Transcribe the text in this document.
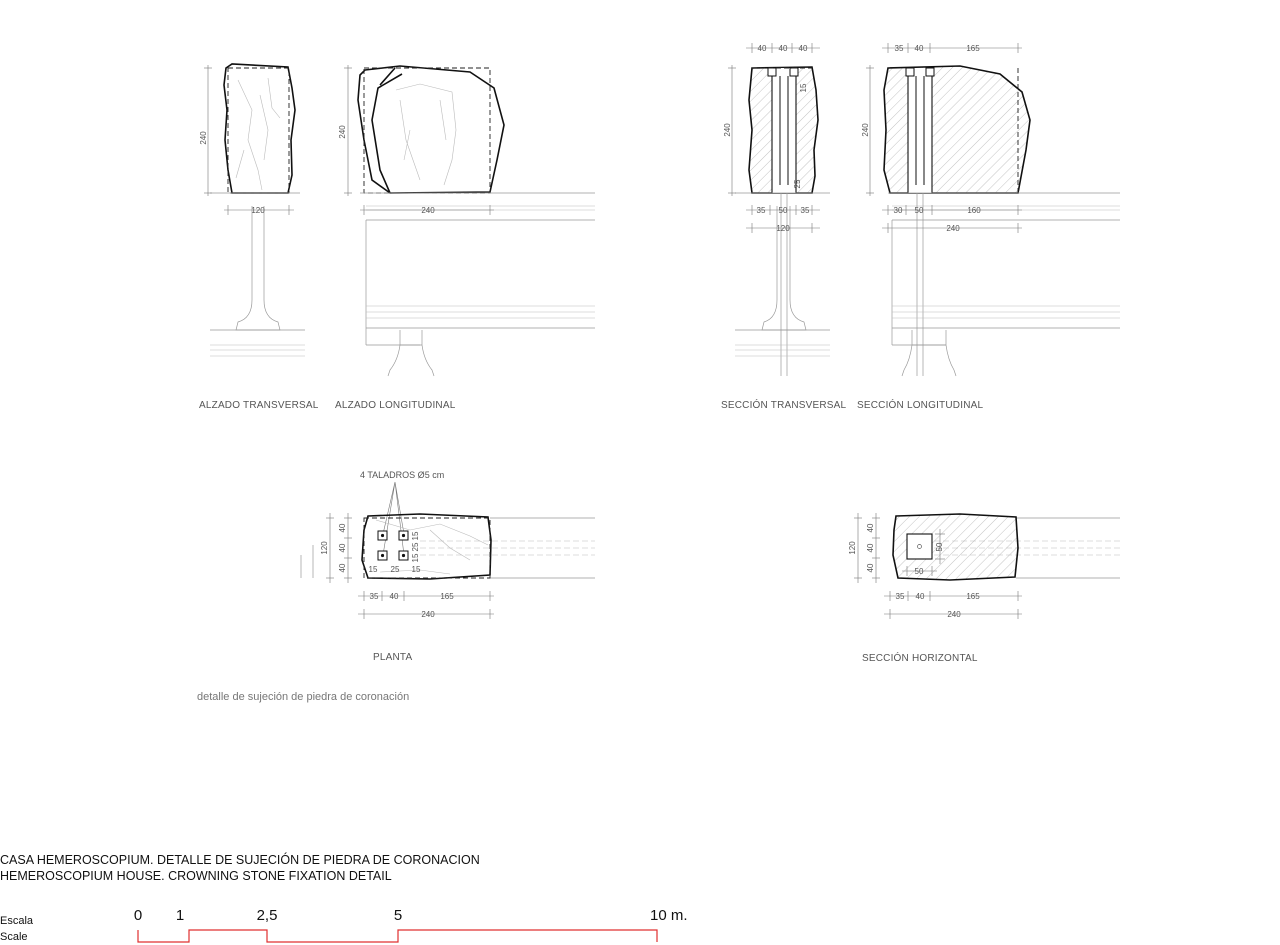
240
120
ALZADO TRANSVERSAL
240
240
ALZADO LONGITUDINAL
40 40 40
240
15
25
35 50 35
120
SECCIÓN TRANSVERSAL
35 40	165
240
30 50	160
240
SECCIÓN LONGITUDINAL
4 TALADROS Ø5 cm
120
40
40
40	15 25 15
15
25
15
35 40	165
240
PLANTA
120
40
40
40	50
50
35 40	165
240
SECCIÓN HORIZONTAL
detalle de sujeción de piedra de coronación
CASA HEMEROSCOPIUM. DETALLE DE SUJECIÓN DE PIEDRA DE CORONACION
HEMEROSCOPIUM HOUSE. CROWNING STONE FIXATION DETAIL
Escala
Scale
0 1	2,5	5	10 m.
